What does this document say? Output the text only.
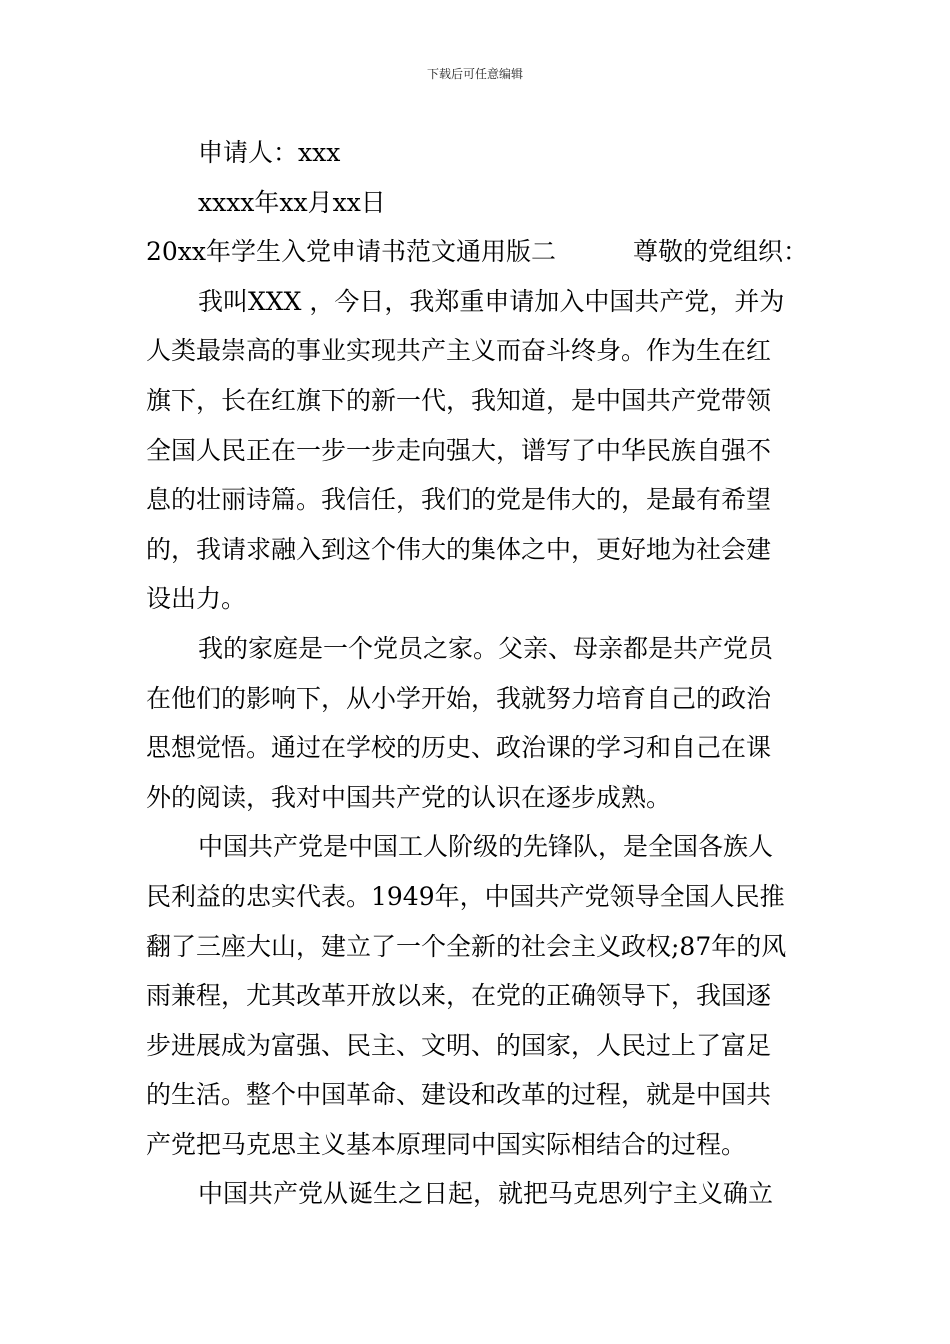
下载后可任意编辑
申请人：xxx
xxxx年xx月xx日
20xx年学生入党申请书范文通用版二	尊敬的党组织：
我叫XXX ，今日，我郑重申请加入中国共产党，并为
人类最崇高的事业实现共产主义而奋斗终身。作为生在红
旗下，长在红旗下的新一代，我知道，是中国共产党带领
全国人民正在一步一步走向强大，谱写了中华民族自强不
息的壮丽诗篇。我信任，我们的党是伟大的，是最有希望
的，我请求融入到这个伟大的集体之中，更好地为社会建
设出力。
我的家庭是一个党员之家。父亲、母亲都是共产党员
在他们的影响下，从小学开始，我就努力培育自己的政治
思想觉悟。通过在学校的历史、政治课的学习和自己在课
外的阅读，我对中国共产党的认识在逐步成熟。
中国共产党是中国工人阶级的先锋队，是全国各族人
民利益的忠实代表。1949年，中国共产党领导全国人民推
翻了三座大山，建立了一个全新的社会主义政权;87年的风
雨兼程，尤其改革开放以来，在党的正确领导下，我国逐
步进展成为富强、民主、文明、的国家，人民过上了富足
的生活。整个中国革命、建设和改革的过程，就是中国共
产党把马克思主义基本原理同中国实际相结合的过程。
中国共产党从诞生之日起，就把马克思列宁主义确立
